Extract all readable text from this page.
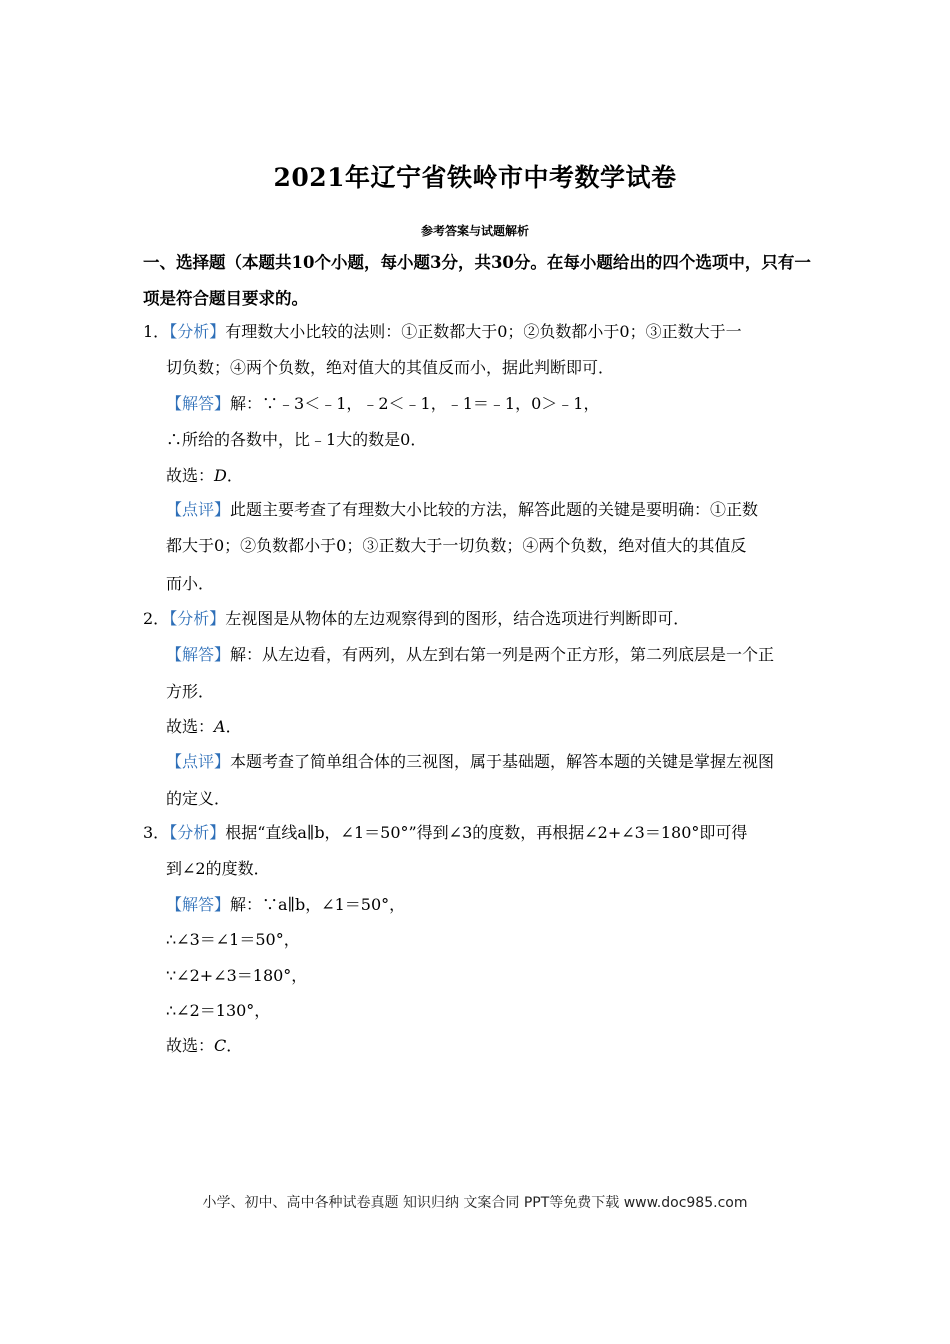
2021年辽宁省铁岭市中考数学试卷
参考答案与试题解析
一、选择题（本题共10个小题，每小题3分，共30分。在每小题给出的四个选项中，只有一项是符合题目要求的。
1．【分析】有理数大小比较的法则：①正数都大于0；②负数都小于0；③正数大于一
切负数；④两个负数，绝对值大的其值反而小，据此判断即可．
【解答】解：∵﹣3＜﹣1，﹣2＜﹣1，﹣1＝﹣1，0＞﹣1，
∴所给的各数中，比﹣1大的数是0．
故选：D．
【点评】此题主要考查了有理数大小比较的方法，解答此题的关键是要明确：①正数
都大于0；②负数都小于0；③正数大于一切负数；④两个负数，绝对值大的其值反
而小．
2．【分析】左视图是从物体的左边观察得到的图形，结合选项进行判断即可．
【解答】解：从左边看，有两列，从左到右第一列是两个正方形，第二列底层是一个正
方形．
故选：A．
【点评】本题考查了简单组合体的三视图，属于基础题，解答本题的关键是掌握左视图
的定义．
3．【分析】根据“直线a∥b，∠1＝50°”得到∠3的度数，再根据∠2+∠3＝180°即可得
到∠2的度数．
【解答】解：∵a∥b，∠1＝50°，
∴∠3＝∠1＝50°，
∵∠2+∠3＝180°，
∴∠2＝130°，
故选：C．
小学、初中、高中各种试卷真题 知识归纳 文案合同 PPT等免费下载 www.doc985.com
